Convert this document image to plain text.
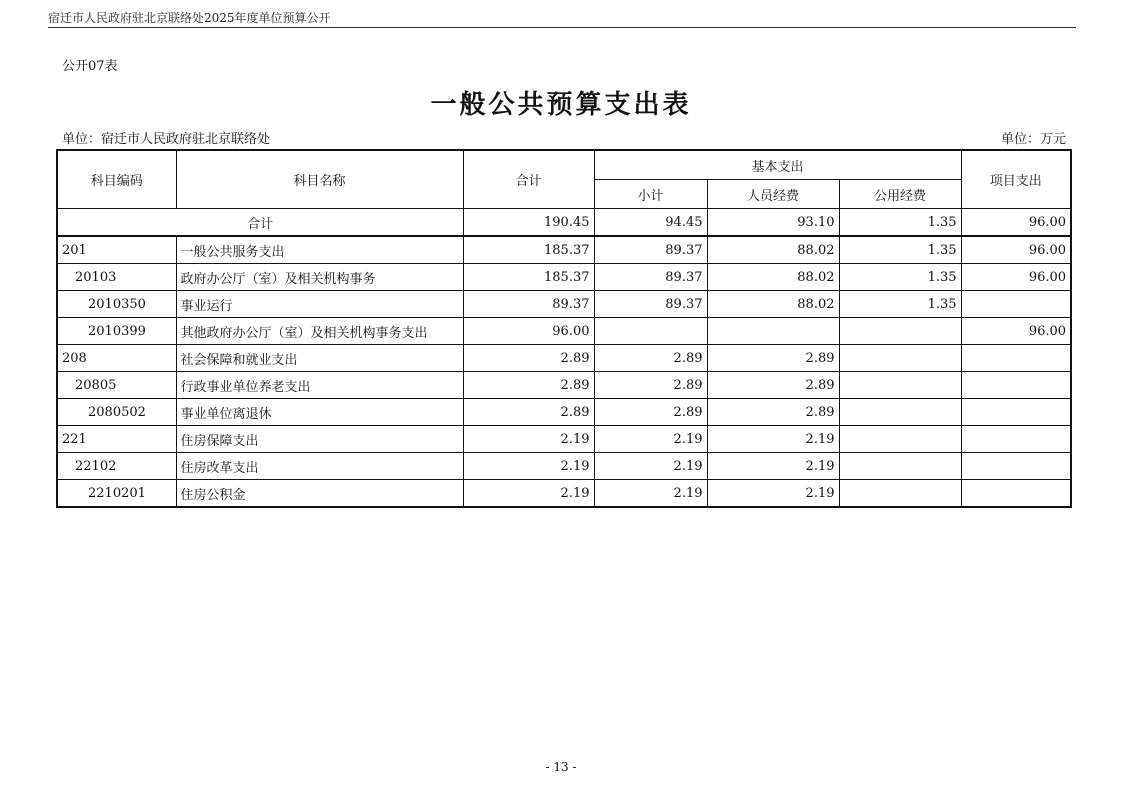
宿迁市人民政府驻北京联络处2025年度单位预算公开
公开07表
一般公共预算支出表
单位：宿迁市人民政府驻北京联络处	单位：万元
科目编码	科目名称	合计	基本支出			项目支出
			小计	人员经费	公用经费	
合计		190.45	94.45	93.10	1.35	96.00
201	一般公共服务支出	185.37	89.37	88.02	1.35	96.00
20103	政府办公厅（室）及相关机构事务	185.37	89.37	88.02	1.35	96.00
2010350	事业运行	89.37	89.37	88.02	1.35	
2010399	其他政府办公厅（室）及相关机构事务支出	96.00				96.00
208	社会保障和就业支出	2.89	2.89	2.89		
20805	行政事业单位养老支出	2.89	2.89	2.89		
2080502	事业单位离退休	2.89	2.89	2.89		
221	住房保障支出	2.19	2.19	2.19		
22102	住房改革支出	2.19	2.19	2.19		
2210201	住房公积金	2.19	2.19	2.19		
- 13 -
